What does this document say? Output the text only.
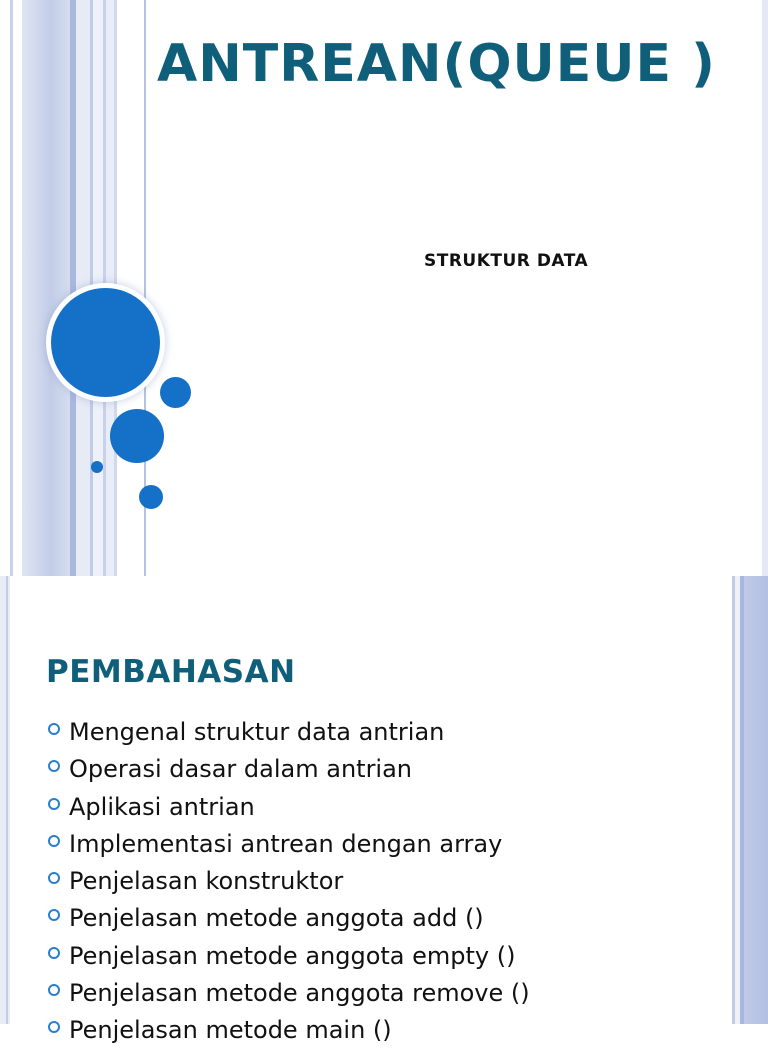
ANTREAN(QUEUE )

STRUKTUR DATA

PEMBAHASAN
Mengenal struktur data antrian
Operasi dasar dalam antrian
Aplikasi antrian
Implementasi antrean dengan array
Penjelasan konstruktor
Penjelasan metode anggota add ()
Penjelasan metode anggota empty ()
Penjelasan metode anggota remove ()
Penjelasan metode main ()
